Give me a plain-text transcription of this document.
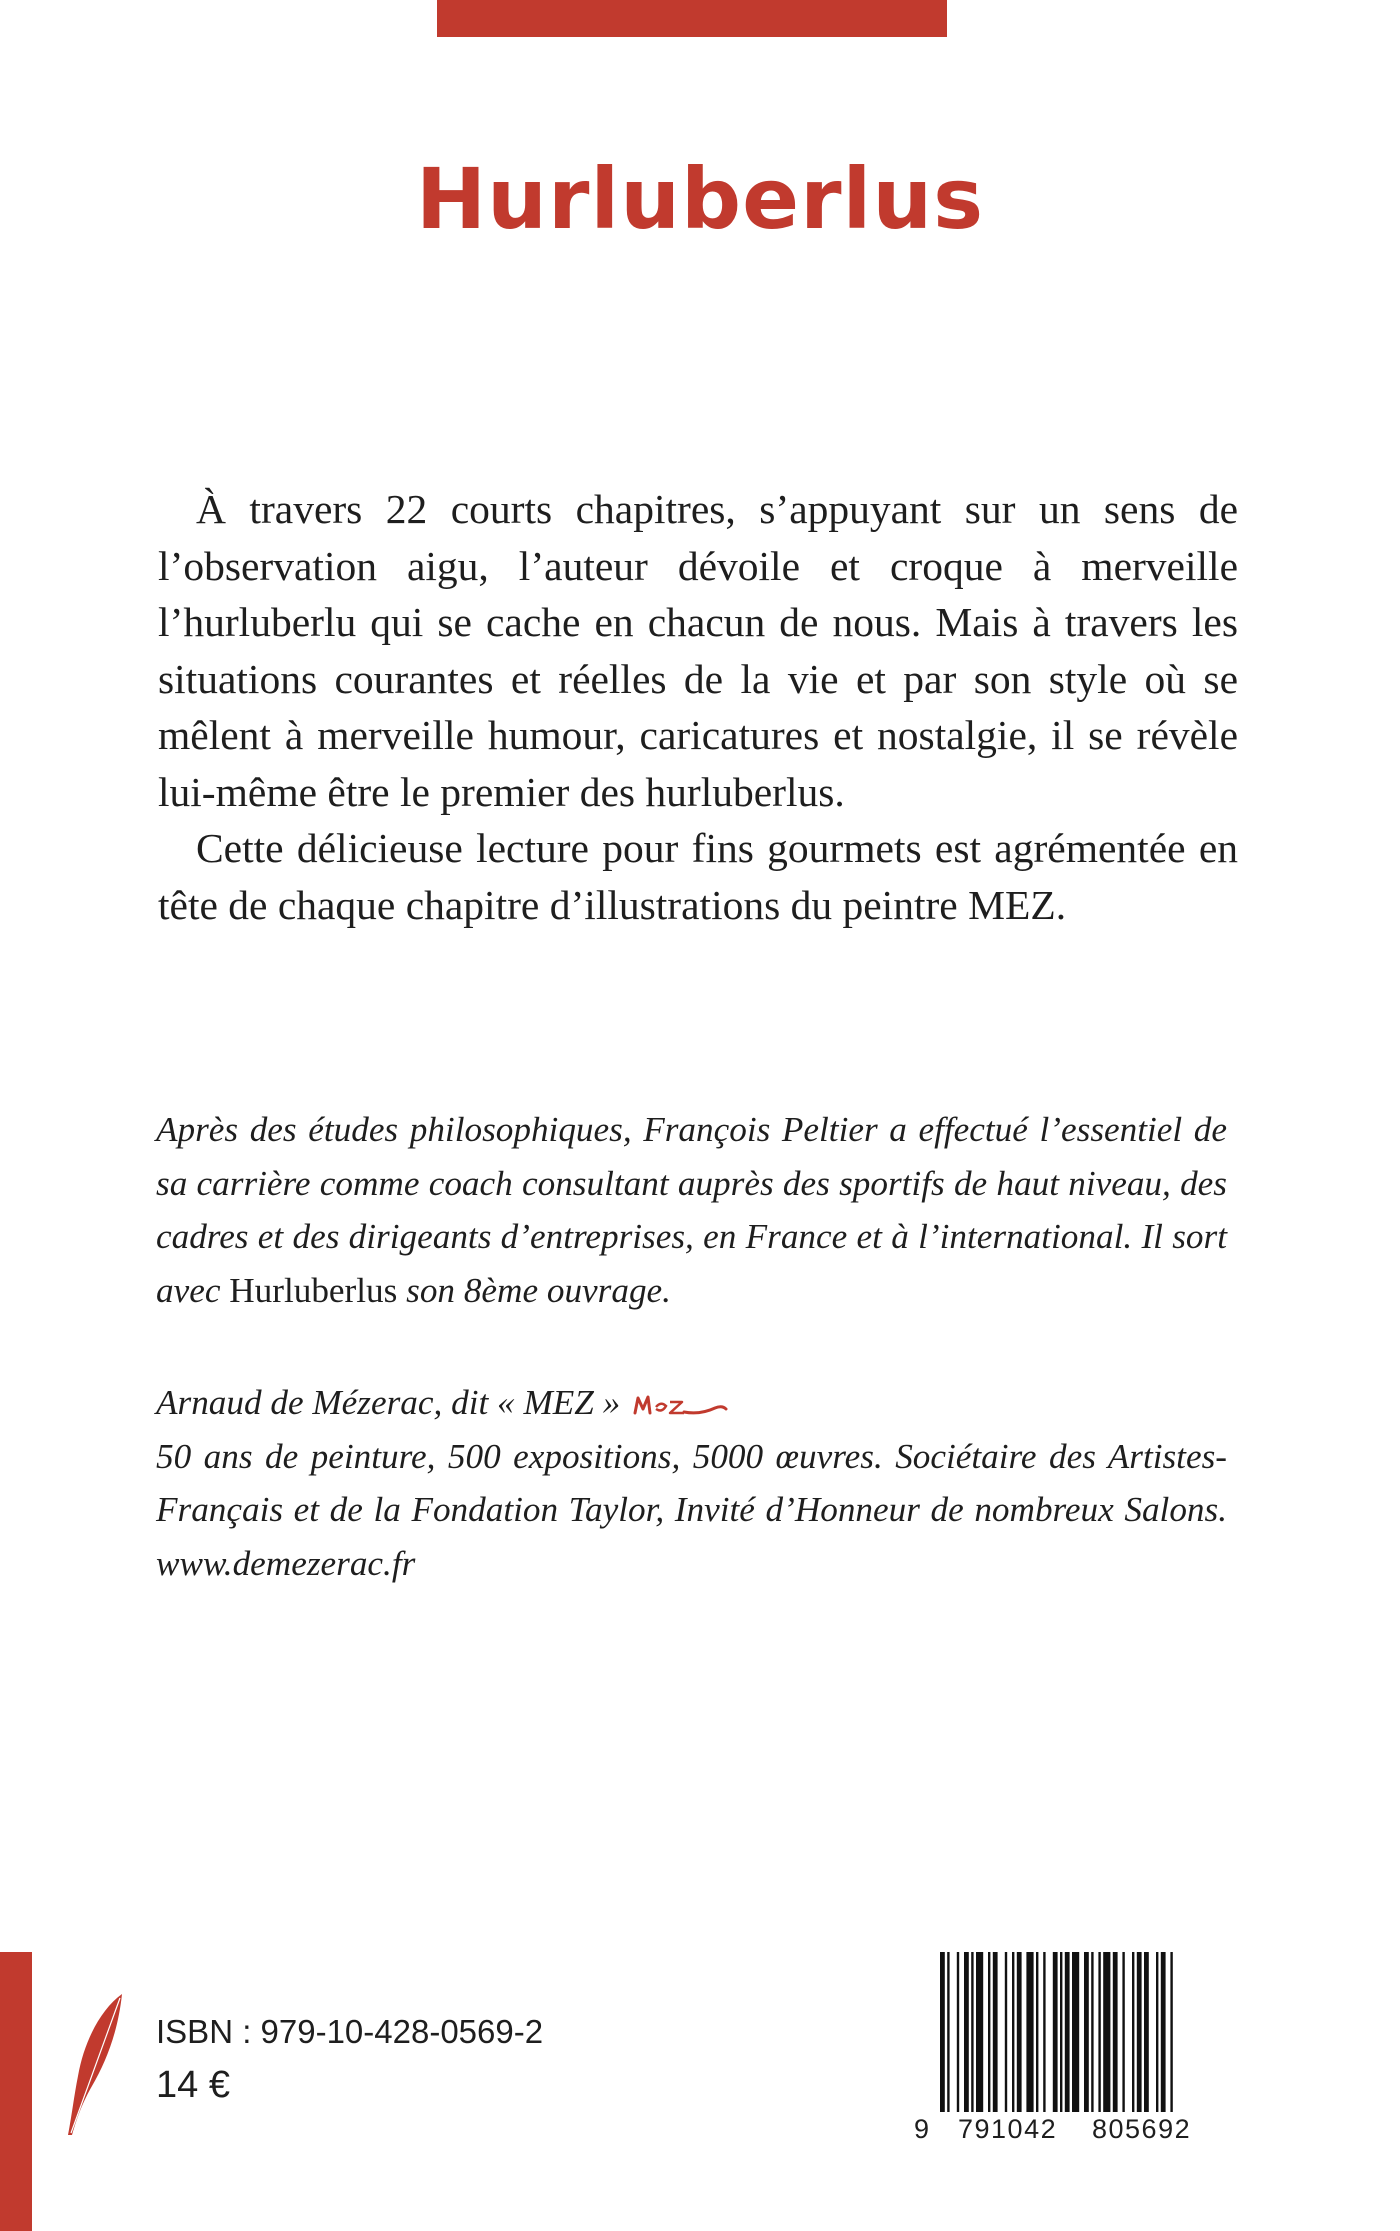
Hurluberlus

À travers 22 courts chapitres, s’appuyant sur un sens de l’observation aigu, l’auteur dévoile et croque à merveille l’hurluberlu qui se cache en chacun de nous. Mais à travers les situations courantes et réelles de la vie et par son style où se mêlent à merveille humour, caricatures et nostalgie, il se révèle lui-même être le premier des hurluberlus.

Cette délicieuse lecture pour fins gourmets est agrémentée en tête de chaque chapitre d’illustrations du peintre MEZ.

Après des études philosophiques, François Peltier a effectué l’essentiel de sa carrière comme coach consultant auprès des sportifs de haut niveau, des cadres et des dirigeants d’entreprises, en France et à l’international. Il sort avec Hurluberlus son 8ème ouvrage.

Arnaud de Mézerac, dit « MEZ »

50 ans de peinture, 500 expositions, 5000 œuvres. Sociétaire des Artistes-Français et de la Fondation Taylor, Invité d’Honneur de nombreux Salons. www.demezerac.fr

ISBN : 979-10-428-0569-2

14 €

9 791042 805692
